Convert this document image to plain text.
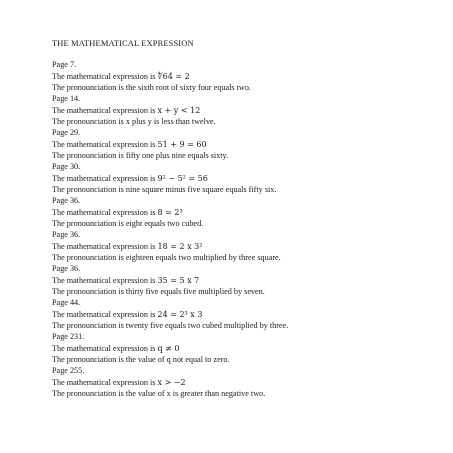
THE MATHEMATICAL EXPRESSION
Page 7.
The mathematical expression is ∜64 = 2
The pronounciation is the sixth root of sixty four equals two.
Page 14.
The mathematical expression is x + y < 12
The pronounciation is x plus y is less than twelve.
Page 29.
The mathematical expression is 51 + 9 = 60
The pronounciation is fifty one plus nine equals sixty.
Page 30.
The mathematical expression is 9² − 5² = 56
The pronounciation is nine square minus five square equals fifty six.
Page 36.
The mathematical expression is 8 = 2³
The pronounciation is eight equals two cubed.
Page 36.
The mathematical expression is 18 = 2 x 3²
The pronounciation is eighteen equals two multiplied by three square.
Page 36.
The mathematical expression is 35 = 5 x 7
The pronounciation is thirty five equals five multiplied by seven.
Page 44.
The mathematical expression is 24 = 2³ x 3
The pronounciation is twenty five equals two cubed multiplied by three.
Page 231.
The mathematical expression is q ≠ 0
The pronounciation is the value of q not equal to zero.
Page 255.
The mathematical expression is x > −2
The pronounciation is the value of x is greater than negative two.
